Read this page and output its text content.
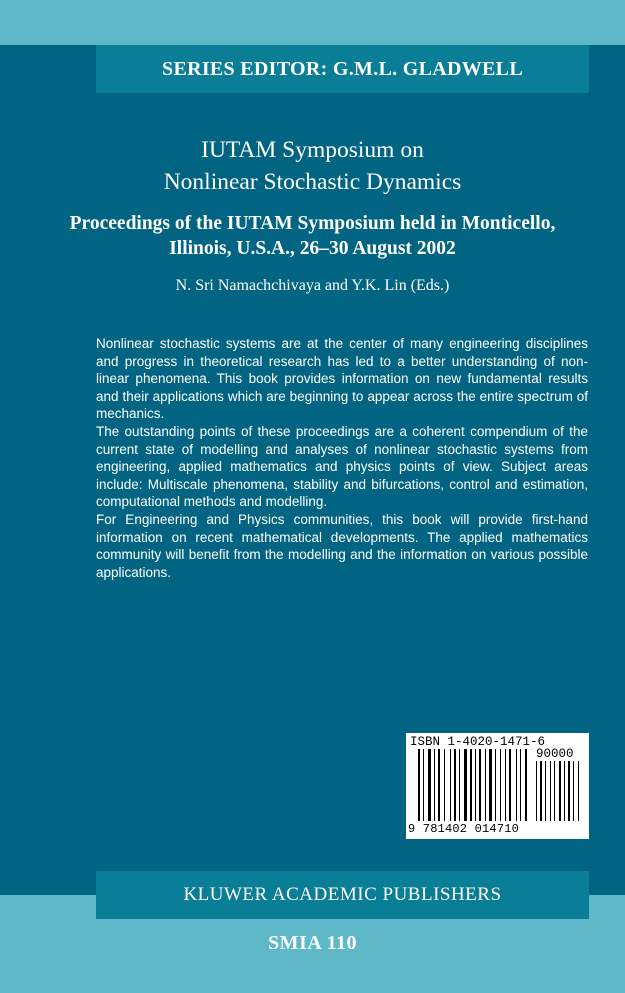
SERIES EDITOR: G.M.L. GLADWELL
IUTAM Symposium on
Nonlinear Stochastic Dynamics
Proceedings of the IUTAM Symposium held in Monticello,
Illinois, U.S.A., 26–30 August 2002
N. Sri Namachchivaya and Y.K. Lin (Eds.)

Nonlinear stochastic systems are at the center of many engineering disciplines and progress in theoretical research has led to a better understanding of non-linear phenomena. This book provides information on new fundamental results and their applications which are beginning to appear across the entire spectrum of mechanics.

The outstanding points of these proceedings are a coherent compendium of the current state of modelling and analyses of nonlinear stochastic systems from engineering, applied mathematics and physics points of view. Subject areas include: Multiscale phenomena, stability and bifurcations, control and estimation, computational methods and modelling.

For Engineering and Physics communities, this book will provide first-hand information on recent mathematical developments. The applied mathematics community will benefit from the modelling and the information on various possible applications.

ISBN 1-4020-1471-6
90000
9 781402 014710
KLUWER ACADEMIC PUBLISHERS
SMIA 110
